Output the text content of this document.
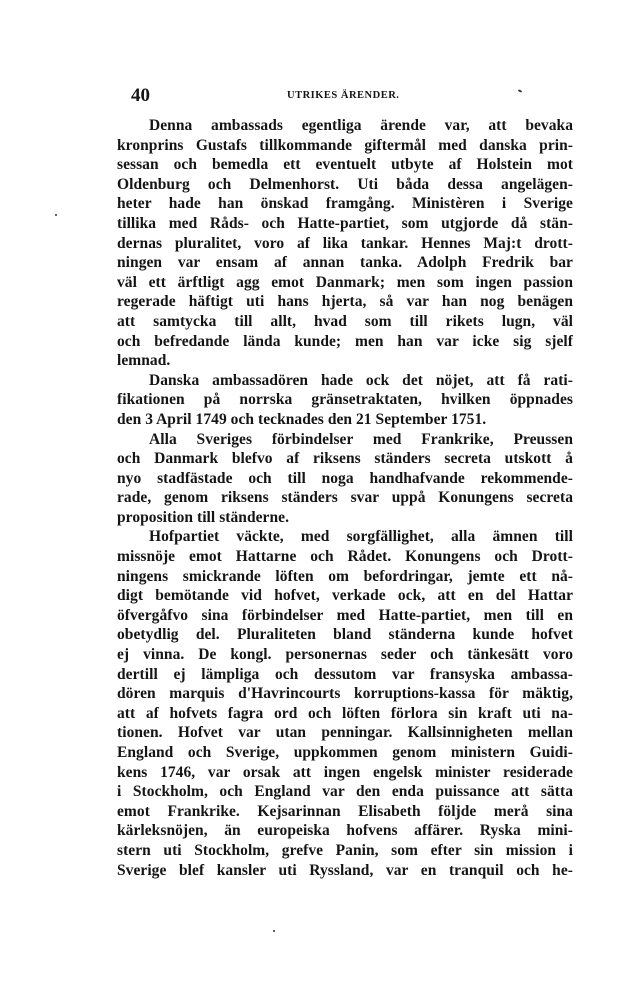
40	UTRIKES ÄRENDER.
Denna ambassads egentliga ärende var, att bevaka
kronprins Gustafs tillkommande giftermål med danska prin-
sessan och bemedla ett eventuelt utbyte af Holstein mot
Oldenburg och Delmenhorst. Uti båda dessa angelägen-
heter hade han önskad framgång. Ministèren i Sverige
tillika med Råds- och Hatte-partiet, som utgjorde då stän-
dernas pluralitet, voro af lika tankar. Hennes Maj:t drott-
ningen var ensam af annan tanka. Adolph Fredrik bar
väl ett ärftligt agg emot Danmark; men som ingen passion
regerade häftigt uti hans hjerta, så var han nog benägen
att samtycka till allt, hvad som till rikets lugn, väl
och befredande lända kunde; men han var icke sig sjelf
lemnad.
Danska ambassadören hade ock det nöjet, att få rati-
fikationen på norrska gränsetraktaten, hvilken öppnades
den 3 April 1749 och tecknades den 21 September 1751.
Alla Sveriges förbindelser med Frankrike, Preussen
och Danmark blefvo af riksens ständers secreta utskott å
nyo stadfästade och till noga handhafvande rekommende-
rade, genom riksens ständers svar uppå Konungens secreta
proposition till ständerne.
Hofpartiet väckte, med sorgfällighet, alla ämnen till
missnöje emot Hattarne och Rådet. Konungens och Drott-
ningens smickrande löften om befordringar, jemte ett nå-
digt bemötande vid hofvet, verkade ock, att en del Hattar
öfvergåfvo sina förbindelser med Hatte-partiet, men till en
obetydlig del. Pluraliteten bland ständerna kunde hofvet
ej vinna. De kongl. personernas seder och tänkesätt voro
dertill ej lämpliga och dessutom var fransyska ambassa-
dören marquis d'Havrincourts korruptions-kassa för mäktig,
att af hofvets fagra ord och löften förlora sin kraft uti na-
tionen. Hofvet var utan penningar. Kallsinnigheten mellan
England och Sverige, uppkommen genom ministern Guidi-
kens 1746, var orsak att ingen engelsk minister residerade
i Stockholm, och England var den enda puissance att sätta
emot Frankrike. Kejsarinnan Elisabeth följde merå sina
kärleksnöjen, än europeiska hofvens affärer. Ryska mini-
stern uti Stockholm, grefve Panin, som efter sin mission i
Sverige blef kansler uti Ryssland, var en tranquil och he-
